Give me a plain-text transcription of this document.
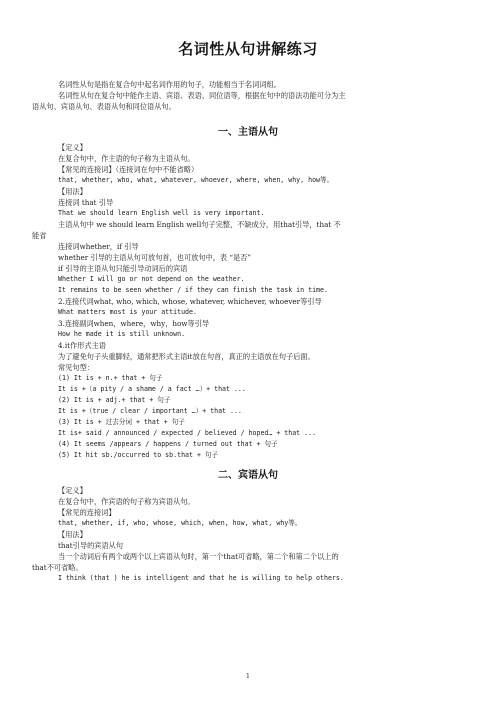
名词性从句讲解练习
名词性从句是指在复合句中起名词作用的句子，功能相当于名词词组。
名词性从句在复合句中能作主语、宾语、表语、同位语等，根据在句中的语法功能可分为主
语从句、宾语从句、表语从句和同位语从句。
一、主语从句
【定义】
在复合句中，作主语的句子称为主语从句。
【常见的连接词】（连接词在句中不能省略）
that, whether, who, what, whatever, whoever, where, when, why, how等。
【用法】
连接词 that 引导
That we should learn English well is very important.
主语从句中 we should learn English well句子完整，不缺成分，用that引导，that 不
能省
连接词whether，if 引导
whether 引导的主语从句可放句首，也可放句中，表 “是否”
if 引导的主语从句只能引导动词后的宾语
Whether I will go or not depend on the weather.
It remains to be seen whether / if they can finish the task in time.
2.连接代词what, who, which, whose, whatever, whichever, whoever等引导
What matters most is your attitude.
3.连接副词when，where，why，how等引导
How he made it is still unknown.
4.it作形式主语
为了避免句子头重脚轻，通常把形式主语it放在句首，真正的主语放在句子后面。
常见句型：
(1) It is + n.+ that + 句子
It is +（a pity / a shame / a fact …）+ that ...
(2) It is + adj.+ that + 句子
It is +（true / clear / important …）+ that ...
(3) It is + 过去分词 + that + 句子
It is+ said / announced / expected / believed / hoped… + that ...
(4) It seems /appears / happens / turned out that + 句子
(5) It hit sb./occurred to sb.that + 句子
二、宾语从句
【定义】
在复合句中，作宾语的句子称为宾语从句。
【常见的连接词】
that, whether, if, who, whose, which, when, how, what, why等。
【用法】
that引导的宾语从句
当一个动词后有两个或两个以上宾语从句时，第一个that可省略，第二个和第二个以上的
that不可省略。
I think (that ) he is intelligent and that he is willing to help others.
1
